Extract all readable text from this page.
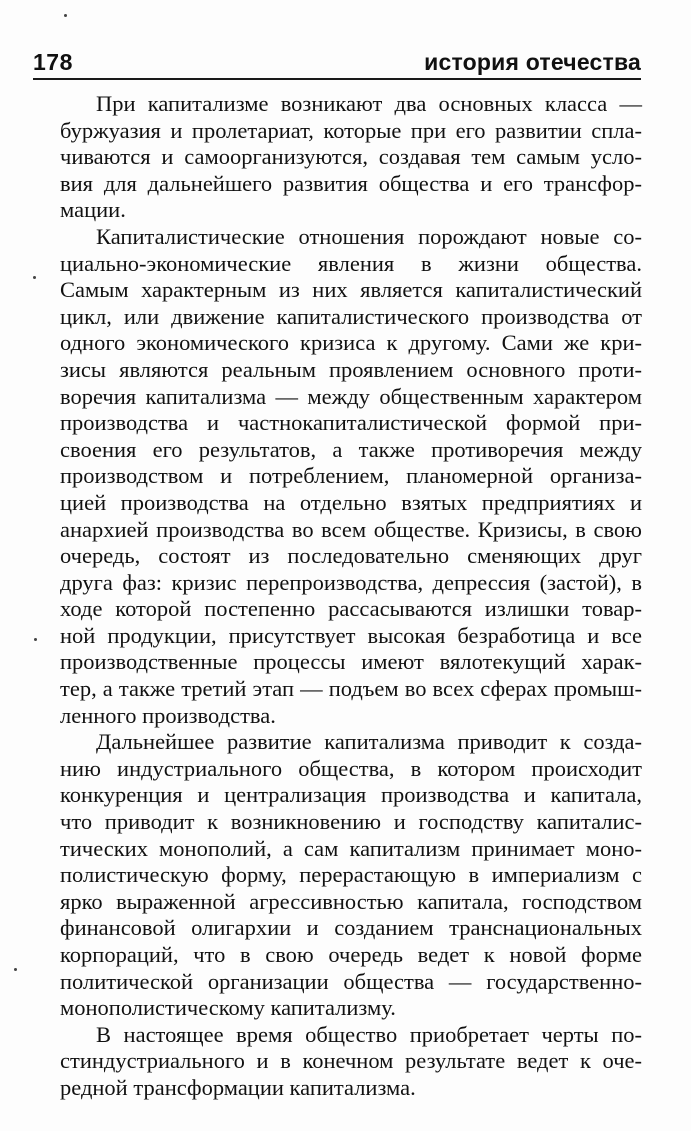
178	история отечества
При капитализме возникают два основных класса —
буржуазия и пролетариат, которые при его развитии спла-
чиваются и самоорганизуются, создавая тем самым усло-
вия для дальнейшего развития общества и его трансфор-
мации.
Капиталистические отношения порождают новые со-
циально-экономические явления в жизни общества.
Самым характерным из них является капиталистический
цикл, или движение капиталистического производства от
одного экономического кризиса к другому. Сами же кри-
зисы являются реальным проявлением основного проти-
воречия капитализма — между общественным характером
производства и частнокапиталистической формой при-
своения его результатов, а также противоречия между
производством и потреблением, планомерной организа-
цией производства на отдельно взятых предприятиях и
анархией производства во всем обществе. Кризисы, в свою
очередь, состоят из последовательно сменяющих друг
друга фаз: кризис перепроизводства, депрессия (застой), в
ходе которой постепенно рассасываются излишки товар-
ной продукции, присутствует высокая безработица и все
производственные процессы имеют вялотекущий харак-
тер, а также третий этап — подъем во всех сферах промыш-
ленного производства.
Дальнейшее развитие капитализма приводит к созда-
нию индустриального общества, в котором происходит
конкуренция и централизация производства и капитала,
что приводит к возникновению и господству капиталис-
тических монополий, а сам капитализм принимает моно-
полистическую форму, перерастающую в империализм с
ярко выраженной агрессивностью капитала, господством
финансовой олигархии и созданием транснациональных
корпораций, что в свою очередь ведет к новой форме
политической организации общества — государственно-
монополистическому капитализму.
В настоящее время общество приобретает черты по-
стиндустриального и в конечном результате ведет к оче-
редной трансформации капитализма.
